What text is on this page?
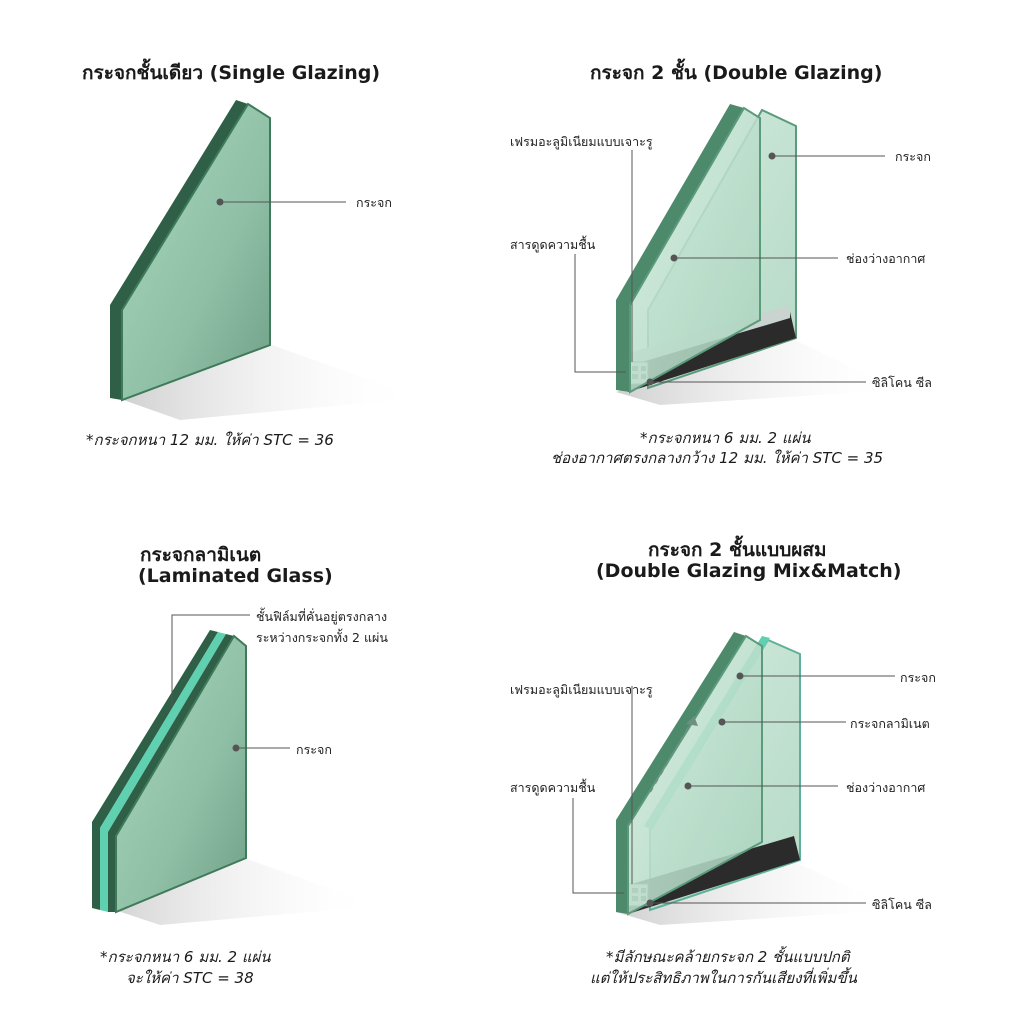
กระจกชั้นเดียว (Single Glazing)
กระจก
*กระจกหนา 12 มม. ให้ค่า STC = 36
กระจก 2 ชั้น (Double Glazing)
เฟรมอะลูมิเนียมแบบเจาะรู
กระจก
สารดูดความชื้น
ช่องว่างอากาศ
ซิลิโคน ซีล
*กระจกหนา 6 มม. 2 แผ่น
ช่องอากาศตรงกลางกว้าง 12 มม. ให้ค่า STC = 35
กระจกลามิเนต
(Laminated Glass)
ชั้นฟิล์มที่คั่นอยู่ตรงกลาง
ระหว่างกระจกทั้ง 2 แผ่น
กระจก
*กระจกหนา 6 มม. 2 แผ่น
จะให้ค่า STC = 38
กระจก 2 ชั้นแบบผสม
(Double Glazing Mix&Match)
เฟรมอะลูมิเนียมแบบเจาะรู
กระจก
กระจกลามิเนต
สารดูดความชื้น	ช่องว่างอากาศ
ซิลิโคน ซีล
*มีลักษณะคล้ายกระจก 2 ชั้นแบบปกติ
แต่ให้ประสิทธิภาพในการกันเสียงที่เพิ่มขึ้น
